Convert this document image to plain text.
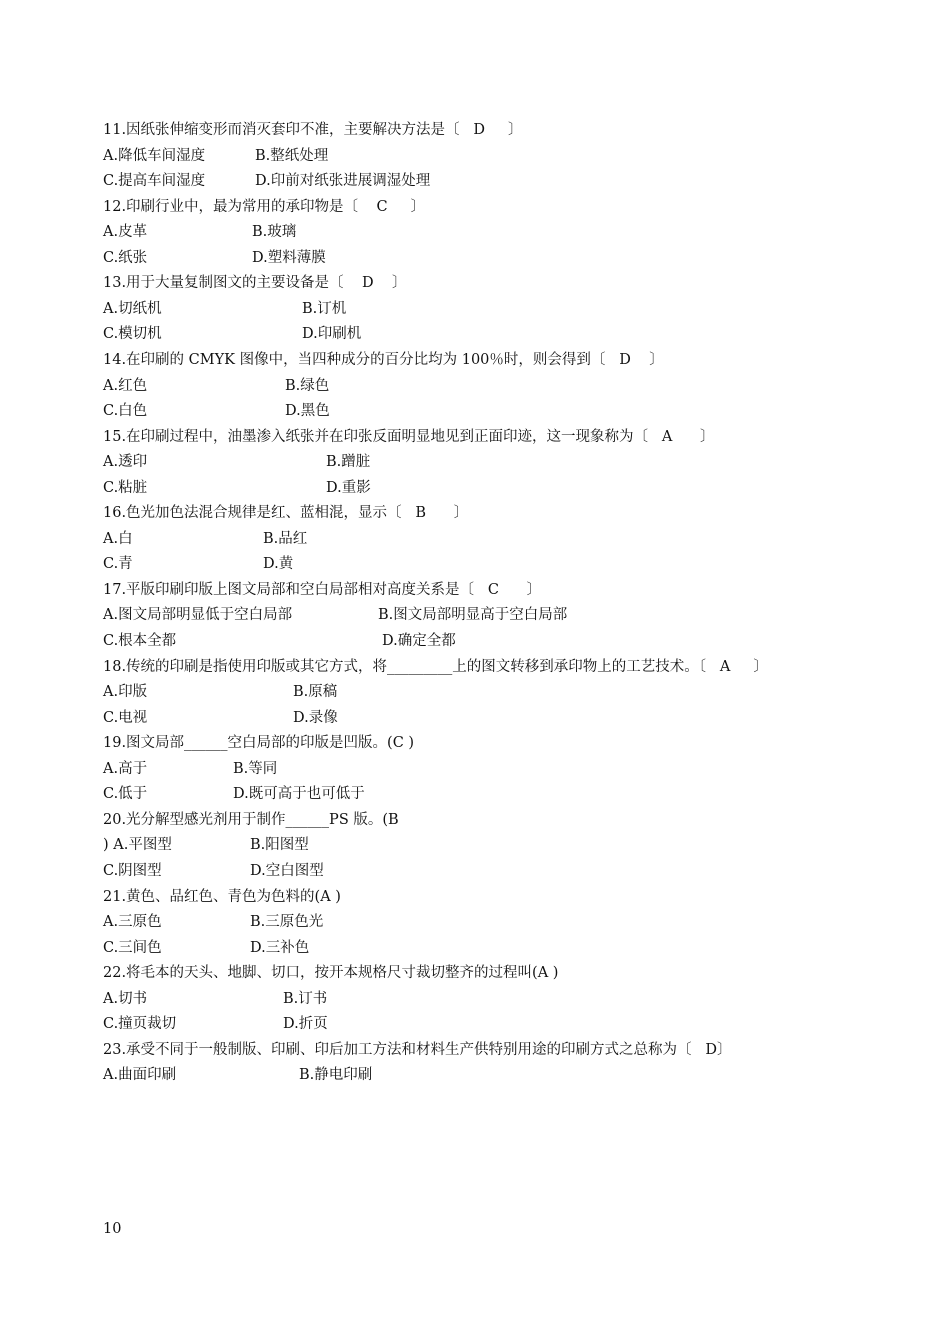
11.因纸张伸缩变形而消灭套印不准，主要解决方法是〔   D     〕
A.降低车间湿度	B.整纸处理
C.提高车间湿度	D.印前对纸张进展调湿处理
12.印刷行业中，最为常用的承印物是〔    C     〕
A.皮革	B.玻璃
C.纸张	D.塑料薄膜
13.用于大量复制图文的主要设备是〔    D    〕
A.切纸机	B.订机
C.模切机	D.印刷机
14.在印刷的 CMYK 图像中，当四种成分的百分比均为 100％时，则会得到〔   D    〕
A.红色	B.绿色
C.白色	D.黑色
15.在印刷过程中，油墨渗入纸张并在印张反面明显地见到正面印迹，这一现象称为〔   A      〕
A.透印	B.蹭脏
C.粘脏	D.重影
16.色光加色法混合规律是红、蓝相混，显示〔   B      〕
A.白	B.品红
C.青	D.黄
17.平版印刷印版上图文局部和空白局部相对高度关系是〔   C      〕
A.图文局部明显低于空白局部	B.图文局部明显高于空白局部
C.根本全都	D.确定全都
18.传统的印刷是指使用印版或其它方式，将_________上的图文转移到承印物上的工艺技术。〔   A     〕
A.印版	B.原稿
C.电视	D.录像
19.图文局部______空白局部的印版是凹版。(C )
A.高于	B.等同
C.低于	D.既可高于也可低于
20.光分解型感光剂用于制作______PS 版。(B
) A.平图型	B.阳图型
C.阴图型	D.空白图型
21.黄色、品红色、青色为色料的(A )
A.三原色	B.三原色光
C.三间色	D.三补色
22.将毛本的天头、地脚、切口，按开本规格尺寸裁切整齐的过程叫(A )
A.切书	B.订书
C.撞页裁切	D.折页
23.承受不同于一般制版、印刷、印后加工方法和材料生产供特别用途的印刷方式之总称为〔   D〕
A.曲面印刷	B.静电印刷
10
